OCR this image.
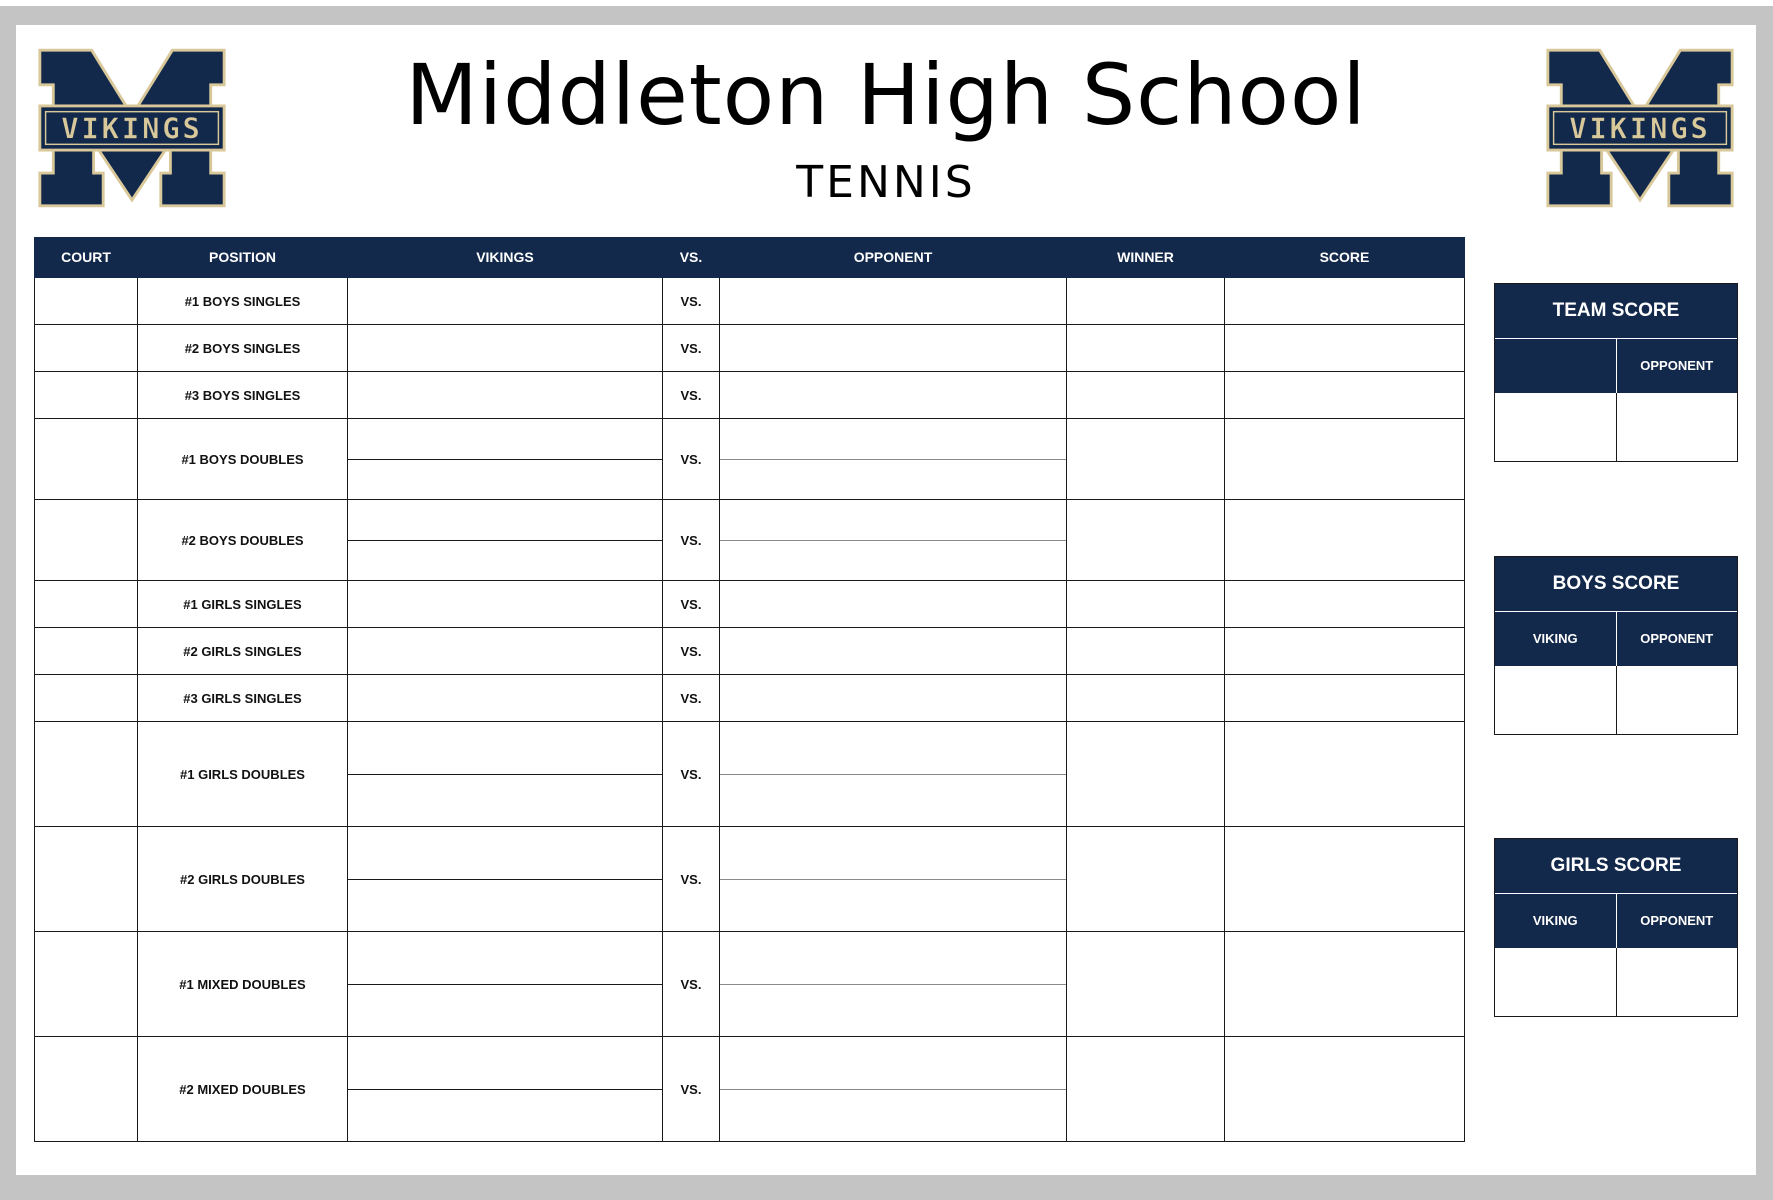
VIKINGS	VIKINGS
Middleton High School
TENNIS
COURT	POSITION	VIKINGS	VS.	OPPONENT	WINNER	SCORE
	#1 BOYS SINGLES		VS.			
	#2 BOYS SINGLES		VS.			
	#3 BOYS SINGLES		VS.			
	#1 BOYS DOUBLES		VS.	

	#2 BOYS DOUBLES		VS.	

	#1 GIRLS SINGLES		VS.			
	#2 GIRLS SINGLES		VS.			
	#3 GIRLS SINGLES		VS.			
	#1 GIRLS DOUBLES		VS.	

	#2 GIRLS DOUBLES		VS.	

	#1 MIXED DOUBLES		VS.	

	#2 MIXED DOUBLES		VS.	

TEAM SCORE
OPPONENT
BOYS SCORE
VIKING	OPPONENT
GIRLS SCORE
VIKING	OPPONENT
